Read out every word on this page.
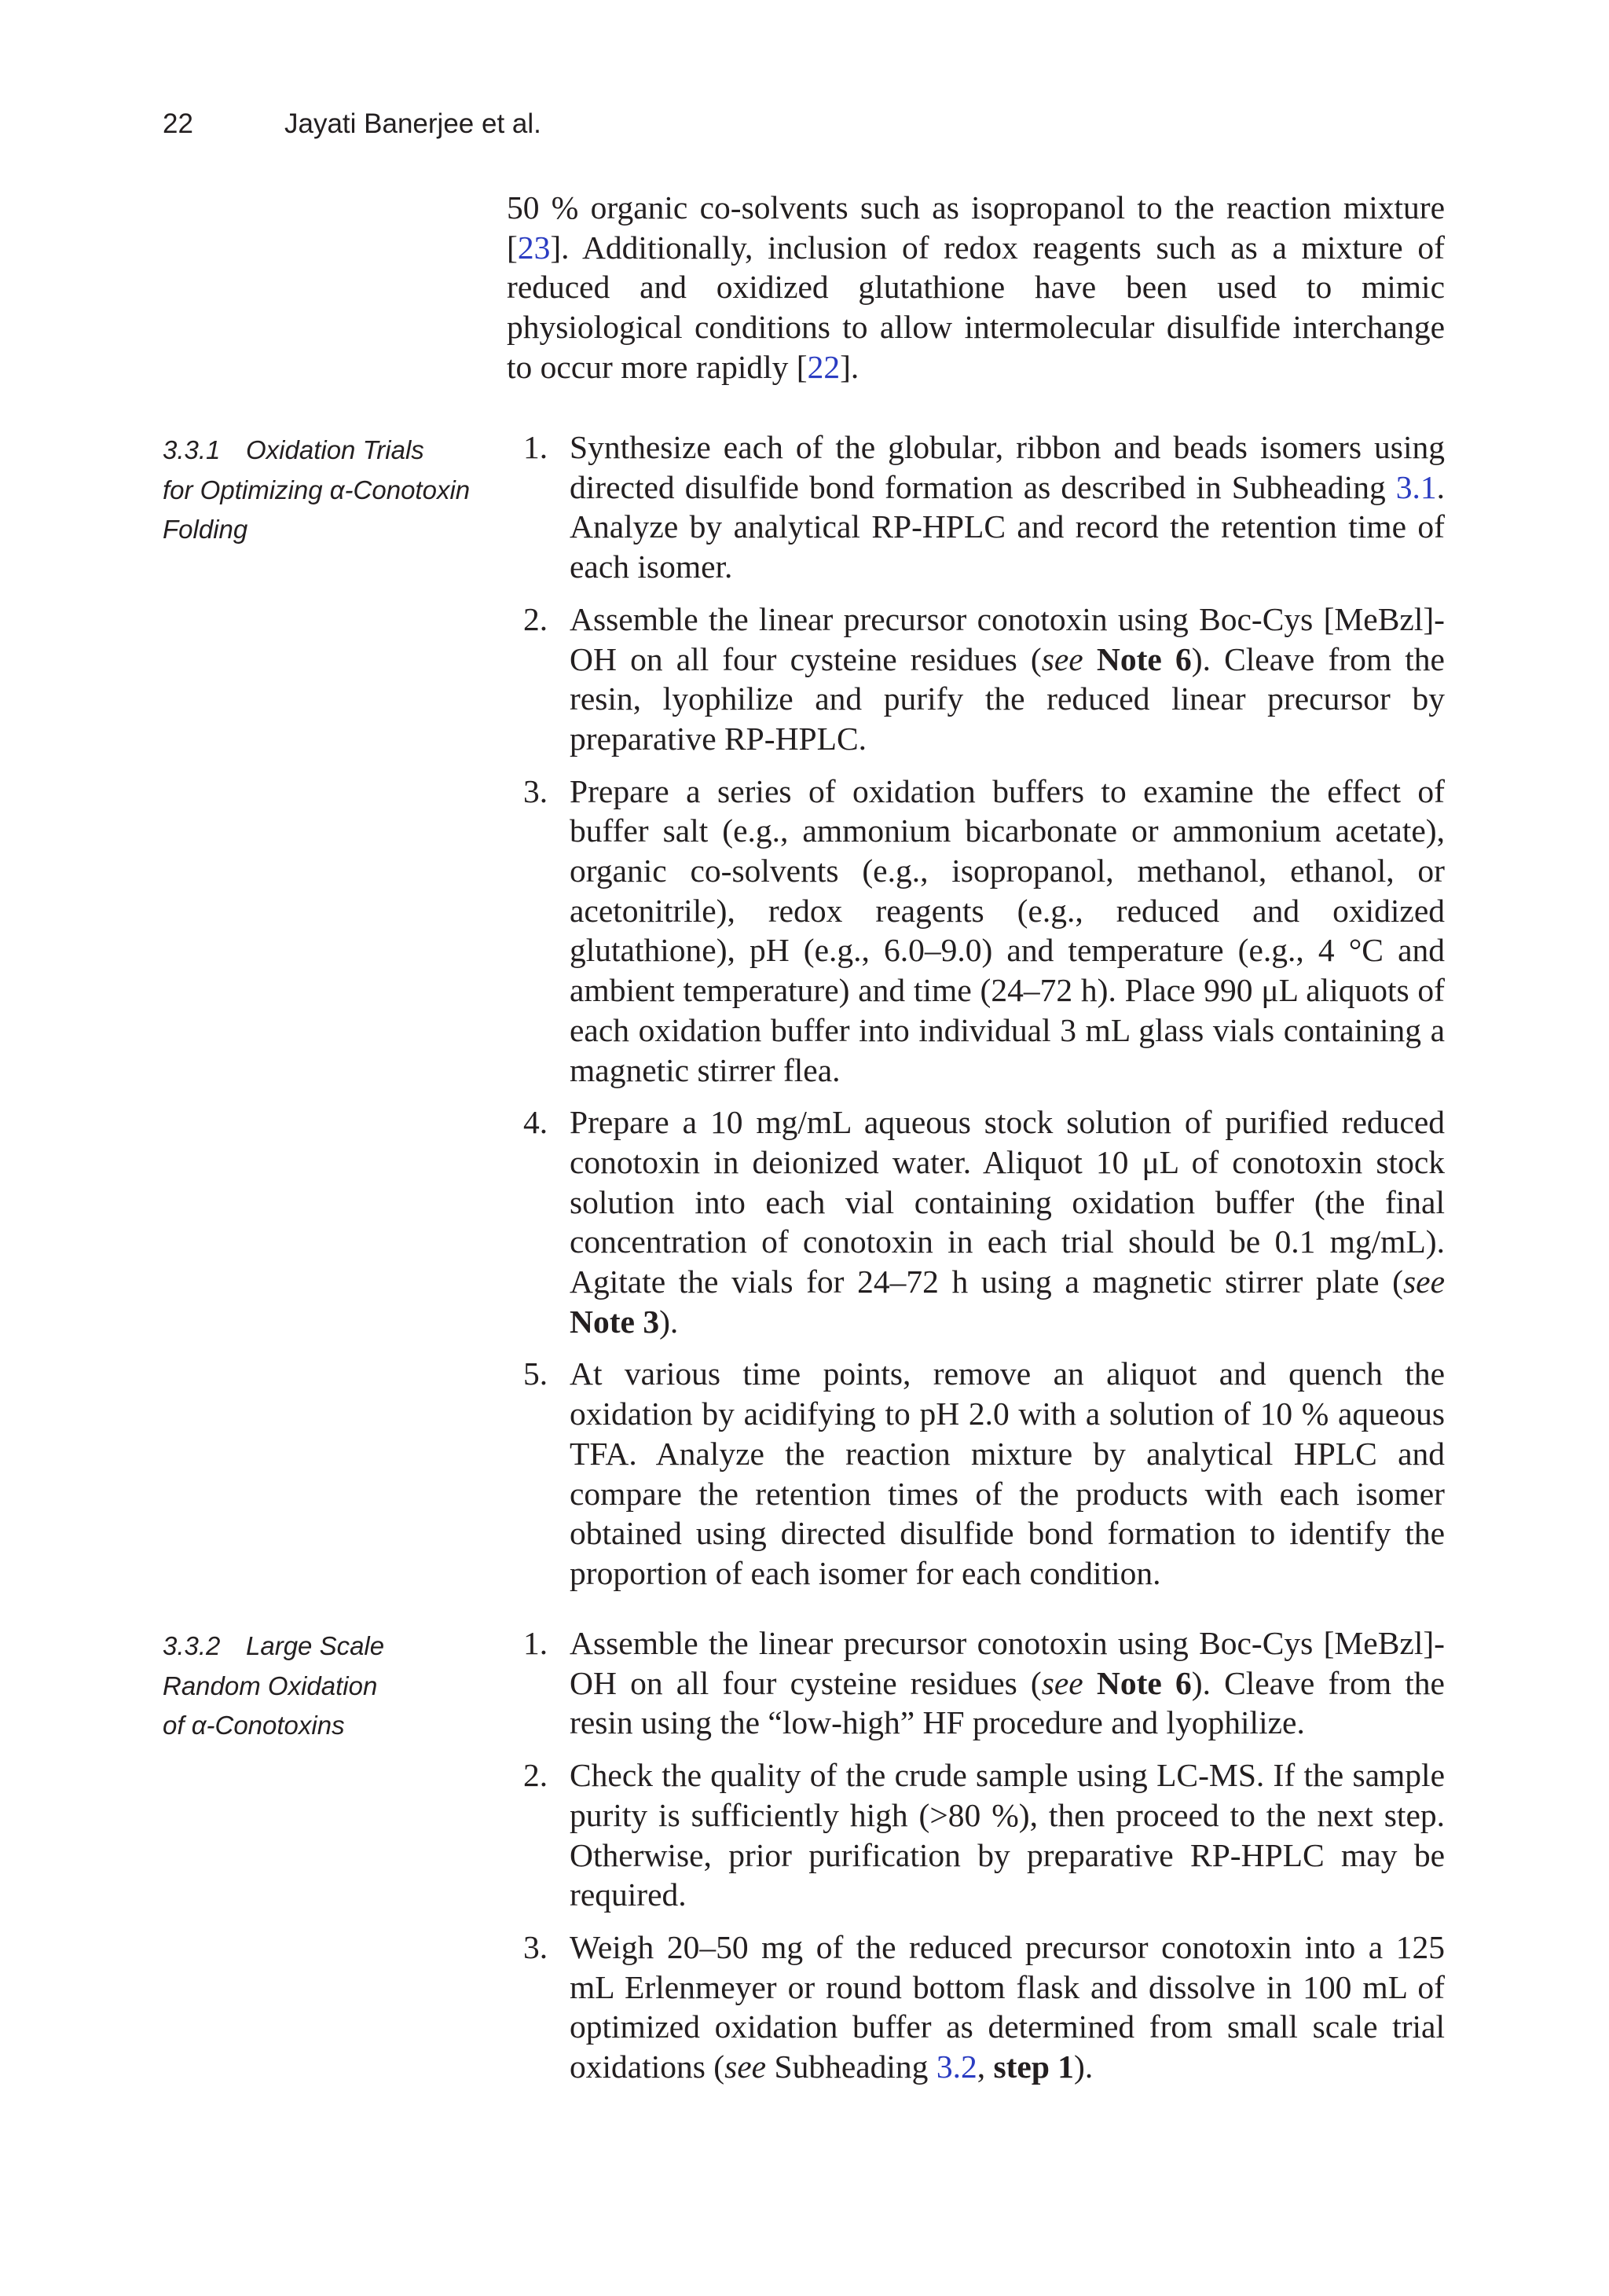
22	Jayati Banerjee et al.

50 % organic co-solvents such as isopropanol to the reaction mixture [23]. Additionally, inclusion of redox reagents such as a mixture of reduced and oxidized glutathione have been used to mimic physiological conditions to allow intermolecular disulfide interchange to occur more rapidly [22].

3.3.1 Oxidation Trials
for Optimizing α-Conotoxin
Folding
1. Synthesize each of the globular, ribbon and beads isomers using directed disulfide bond formation as described in Subheading 3.1. Analyze by analytical RP-HPLC and record the retention time of each isomer.
2. Assemble the linear precursor conotoxin using Boc-Cys [MeBzl]-OH on all four cysteine residues (see Note 6). Cleave from the resin, lyophilize and purify the reduced linear precursor by preparative RP-HPLC.
3. Prepare a series of oxidation buffers to examine the effect of buffer salt (e.g., ammonium bicarbonate or ammonium acetate), organic co-solvents (e.g., isopropanol, methanol, ethanol, or acetonitrile), redox reagents (e.g., reduced and oxidized glutathione), pH (e.g., 6.0–9.0) and temperature (e.g., 4 °C and ambient temperature) and time (24–72 h). Place 990 μL aliquots of each oxidation buffer into individual 3 mL glass vials containing a magnetic stirrer flea.
4. Prepare a 10 mg/mL aqueous stock solution of purified reduced conotoxin in deionized water. Aliquot 10 μL of conotoxin stock solution into each vial containing oxidation buffer (the final concentration of conotoxin in each trial should be 0.1 mg/mL). Agitate the vials for 24–72 h using a magnetic stirrer plate (see Note 3).
5. At various time points, remove an aliquot and quench the oxidation by acidifying to pH 2.0 with a solution of 10 % aqueous TFA. Analyze the reaction mixture by analytical HPLC and compare the retention times of the products with each isomer obtained using directed disulfide bond formation to identify the proportion of each isomer for each condition.
3.3.2 Large Scale
Random Oxidation
of α-Conotoxins
1. Assemble the linear precursor conotoxin using Boc-Cys [MeBzl]-OH on all four cysteine residues (see Note 6). Cleave from the resin using the “low-high” HF procedure and lyophilize.
2. Check the quality of the crude sample using LC-MS. If the sample purity is sufficiently high (>80 %), then proceed to the next step. Otherwise, prior purification by preparative RP-HPLC may be required.
3. Weigh 20–50 mg of the reduced precursor conotoxin into a 125 mL Erlenmeyer or round bottom flask and dissolve in 100 mL of optimized oxidation buffer as determined from small scale trial oxidations (see Subheading 3.2, step 1).
